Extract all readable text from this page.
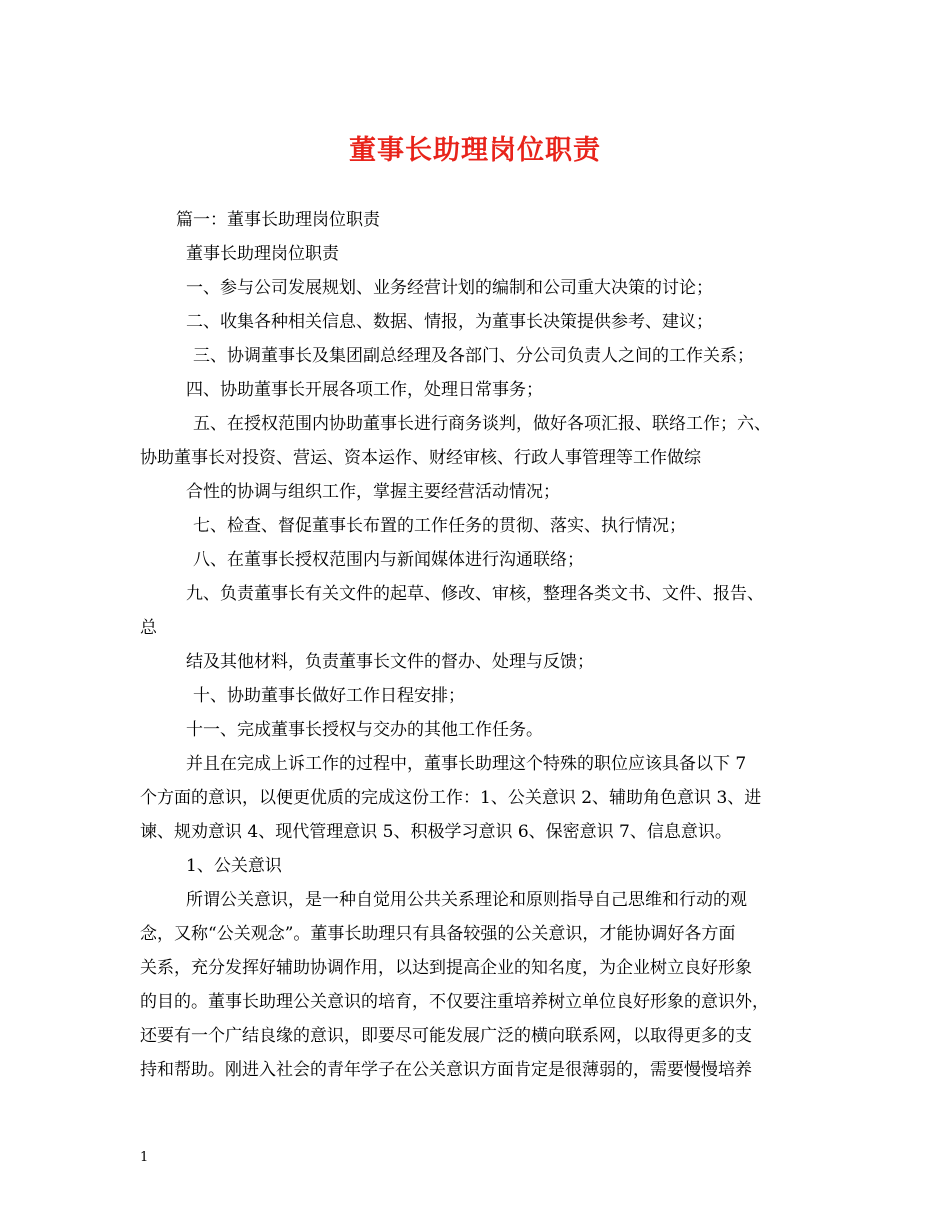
董事长助理岗位职责
篇一：董事长助理岗位职责
董事长助理岗位职责
一、参与公司发展规划、业务经营计划的编制和公司重大决策的讨论；
二、收集各种相关信息、数据、情报，为董事长决策提供参考、建议；
三、协调董事长及集团副总经理及各部门、分公司负责人之间的工作关系；
四、协助董事长开展各项工作，处理日常事务；
五、在授权范围内协助董事长进行商务谈判，做好各项汇报、联络工作；六、
协助董事长对投资、营运、资本运作、财经审核、行政人事管理等工作做综
合性的协调与组织工作，掌握主要经营活动情况；
七、检查、督促董事长布置的工作任务的贯彻、落实、执行情况；
八、在董事长授权范围内与新闻媒体进行沟通联络；
九、负责董事长有关文件的起草、修改、审核，整理各类文书、文件、报告、
总
结及其他材料，负责董事长文件的督办、处理与反馈；
十、协助董事长做好工作日程安排；
十一、完成董事长授权与交办的其他工作任务。
并且在完成上诉工作的过程中，董事长助理这个特殊的职位应该具备以下 7
个方面的意识，以便更优质的完成这份工作：1、公关意识 2、辅助角色意识 3、进
谏、规劝意识 4、现代管理意识 5、积极学习意识 6、保密意识 7、信息意识。
1、公关意识
所谓公关意识，是一种自觉用公共关系理论和原则指导自己思维和行动的观
念，又称“公关观念”。董事长助理只有具备较强的公关意识，才能协调好各方面
关系，充分发挥好辅助协调作用，以达到提高企业的知名度，为企业树立良好形象
的目的。董事长助理公关意识的培育，不仅要注重培养树立单位良好形象的意识外，
还要有一个广结良缘的意识，即要尽可能发展广泛的横向联系网，以取得更多的支
持和帮助。刚进入社会的青年学子在公关意识方面肯定是很薄弱的，需要慢慢培养
1
